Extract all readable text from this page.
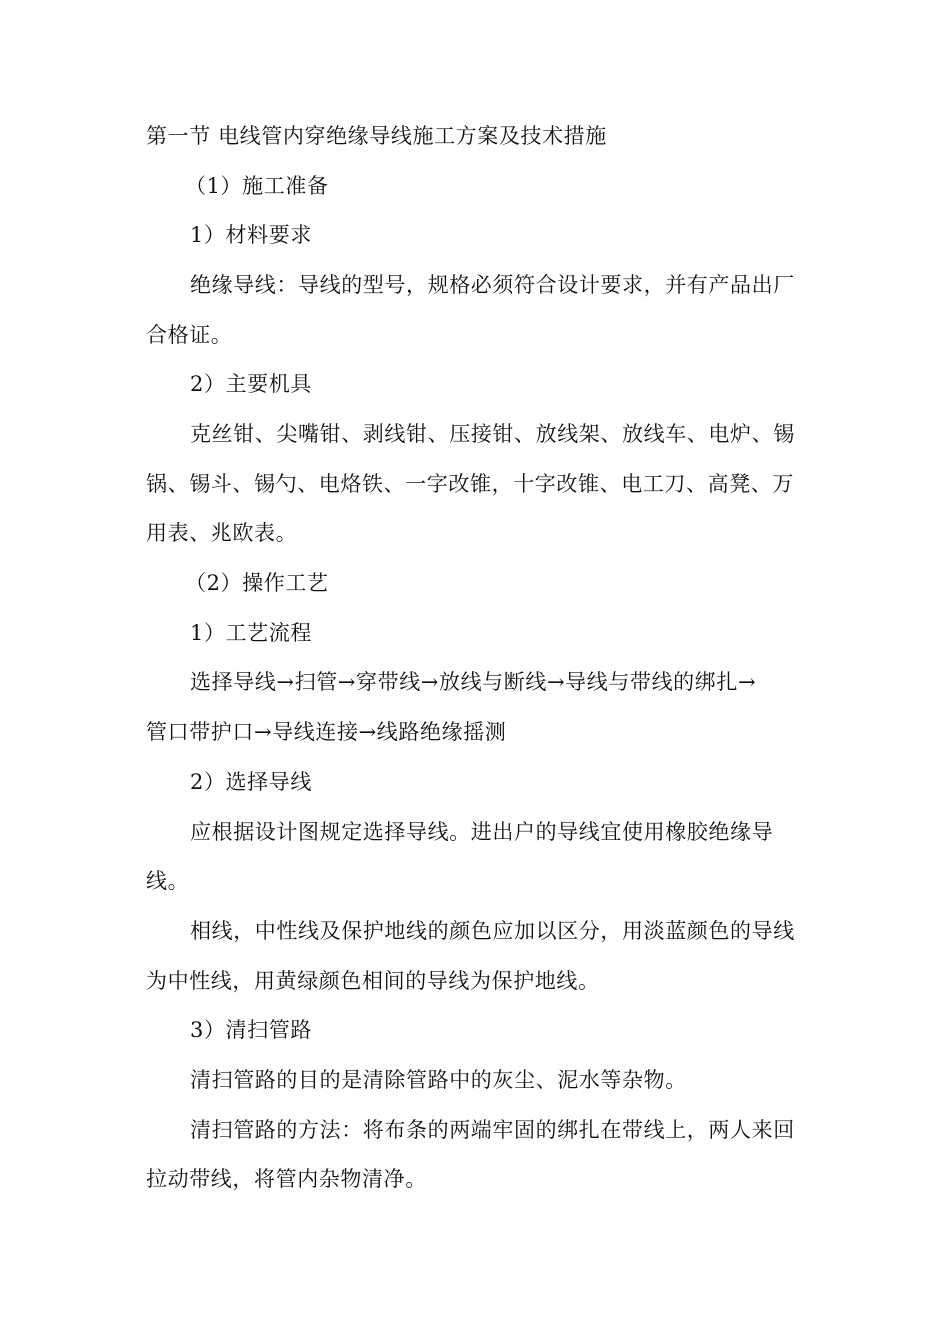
第一节 电线管内穿绝缘导线施工方案及技术措施
（1）施工准备
1）材料要求
绝缘导线：导线的型号，规格必须符合设计要求，并有产品出厂
合格证。
2）主要机具
克丝钳、尖嘴钳、剥线钳、压接钳、放线架、放线车、电炉、锡
锅、锡斗、锡勺、电烙铁、一字改锥，十字改锥、电工刀、高凳、万
用表、兆欧表。
（2）操作工艺
1）工艺流程
选择导线→扫管→穿带线→放线与断线→导线与带线的绑扎→
管口带护口→导线连接→线路绝缘摇测
2）选择导线
应根据设计图规定选择导线。进出户的导线宜使用橡胶绝缘导
线。
相线，中性线及保护地线的颜色应加以区分，用淡蓝颜色的导线
为中性线，用黄绿颜色相间的导线为保护地线。
3）清扫管路
清扫管路的目的是清除管路中的灰尘、泥水等杂物。
清扫管路的方法：将布条的两端牢固的绑扎在带线上，两人来回
拉动带线，将管内杂物清净。
